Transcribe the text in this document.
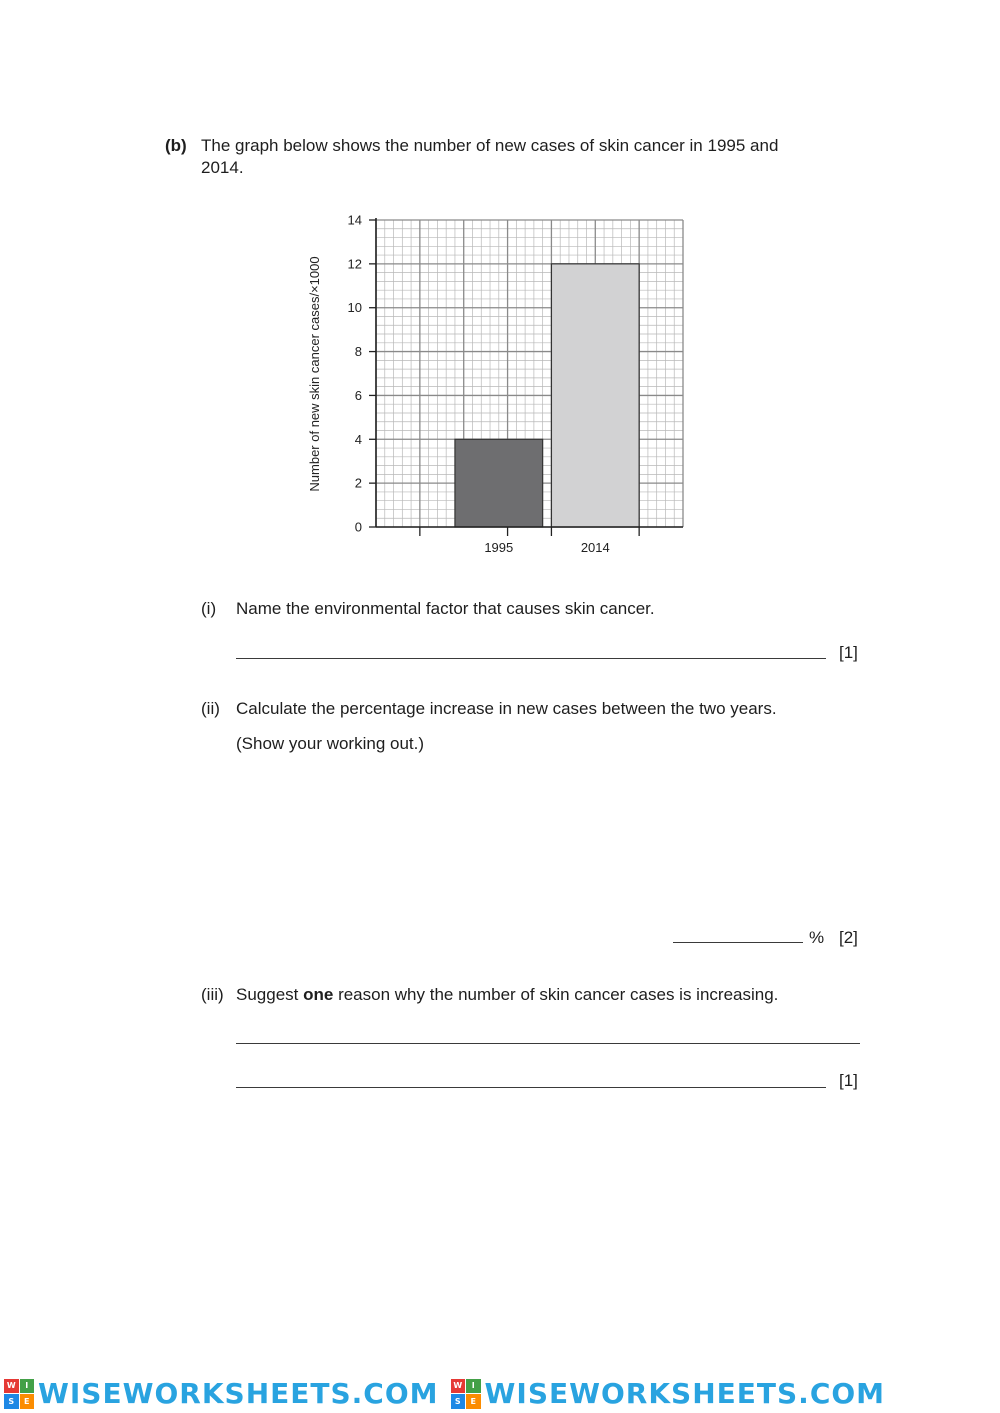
(b) The graph below shows the number of new cases of skin cancer in 1995 and
2014.
0
2
4
6
8
10
12
14
1995	2014
Number of new skin cancer cases/×1000
(i) Name the environmental factor that causes skin cancer.
[1]
(ii) Calculate the percentage increase in new cases between the two years.
(Show your working out.)
% [2]
(iii) Suggest one reason why the number of skin cancer cases is increasing.
[1]
W	I
S	E WISEWORKSHEETS.COM	W	I
S	E WISEWORKSHEETS.COM
